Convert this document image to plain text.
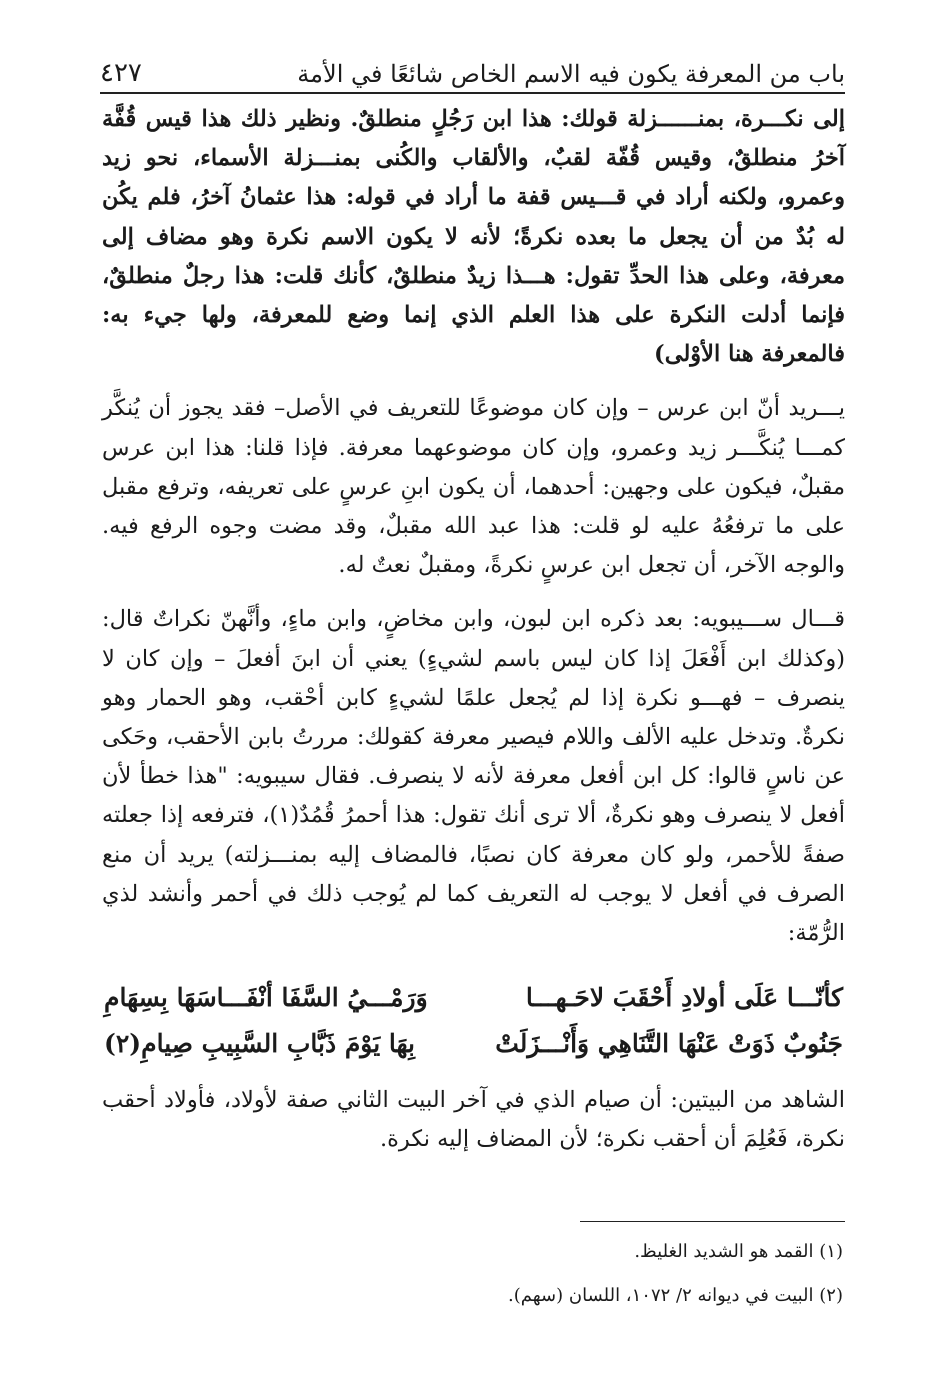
باب من المعرفة يكون فيه الاسم الخاص شائعًا في الأمة
٤٢٧

إلى نكـــرة، بمنــــــزلة قولك: هذا ابن رَجُلٍ منطلقٌ. ونظير ذلك هذا قيس قُفَّة آخرُ منطلقٌ، وقيس قُفّة لقبٌ، والألقاب والكُنى بمنـــزلة الأسماء، نحو زيد وعمرو، ولكنه أراد في قـــيس قفة ما أراد في قوله: هذا عثمانُ آخرُ، فلم يكُن له بُدٌ من أن يجعل ما بعده نكرةً؛ لأنه لا يكون الاسم نكرة وهو مضاف إلى معرفة، وعلى هذا الحدِّ تقول: هـــذا زيدٌ منطلقٌ، كأنك قلت: هذا رجلٌ منطلقٌ، فإنما أدلت النكرة على هذا العلم الذي إنما وضع للمعرفة، ولها جيء به: فالمعرفة هنا الأوْلى)

يـــريد أنّ ابن عرس – وإن كان موضوعًا للتعريف في الأصل– فقد يجوز أن يُنكَّر كمـــا يُنكَّـــر زيد وعمرو، وإن كان موضوعهما معرفة. فإذا قلنا: هذا ابن عرس مقبلٌ، فيكون على وجهين: أحدهما، أن يكون ابنِ عرسٍ على تعريفه، وترفع مقبل على ما ترفعُهُ عليه لو قلت: هذا عبد الله مقبلٌ، وقد مضت وجوه الرفع فيه. والوجه الآخر، أن تجعل ابن عرسٍ نكرةً، ومقبلٌ نعتٌ له.

قـــال ســـيبويه: بعد ذكره ابن لبون، وابن مخاضٍ، وابن ماءٍ، وأنَّهنّ نكراتٌ قال: (وكذلك ابن أَفْعَلَ إذا كان ليس باسم لشيءٍ) يعني أن ابنَ أفعلَ – وإن كان لا ينصرف – فهـــو نكرة إذا لم يُجعل علمًا لشيءٍ كابن أحْقب، وهو الحمار وهو نكرةٌ. وتدخل عليه الألف واللام فيصير معرفة كقولك: مررتُ بابن الأحقب، وحَكى عن ناسٍ قالوا: كل ابن أفعل معرفة لأنه لا ينصرف. فقال سيبويه: "هذا خطأ لأن أفعل لا ينصرف وهو نكرةٌ، ألا ترى أنك تقول: هذا أحمرُ قُمُدٌ(١)، فترفعه إذا جعلته صفةً للأحمر، ولو كان معرفة كان نصبًا، فالمضاف إليه بمنـــزلته) يريد أن منع الصرف في أفعل لا يوجب له التعريف كما لم يُوجب ذلك في أحمر وأنشد لذي الرُّمّة:

كأنّـــا عَلَى أولادِ أَحْقَبَ لاحَـهـــا
وَرَمْـــيُ السَّفَا أنْفَـــاسَهَا بِسِهَامِ
جَنُوبٌ ذَوَتْ عَنْهَا التَّنَاهِي وَأَنْـــزَلَتْ
بِهَا يَوْمَ ذَبَّابِ السَّبِيبِ صِيامِ(٢)

الشاهد من البيتين: أن صيام الذي في آخر البيت الثاني صفة لأولاد، فأولاد أحقب نكرة، فَعُلِمَ أن أحقب نكرة؛ لأن المضاف إليه نكرة.

(١) القمد هو الشديد الغليظ.

(٢) البيت في ديوانه ٢/ ١٠٧٢، اللسان (سهم).
